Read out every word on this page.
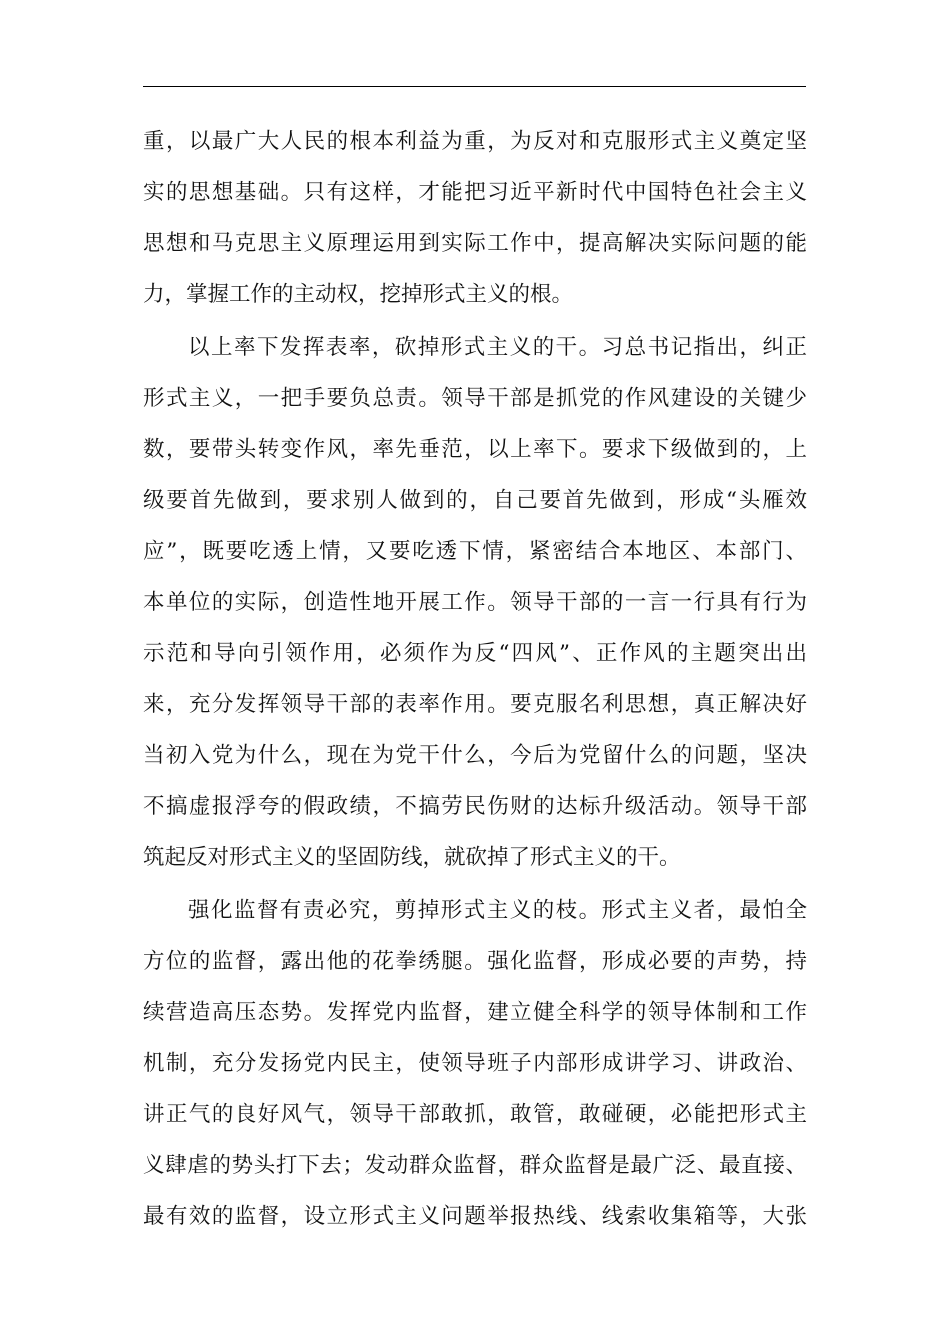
重，以最广大人民的根本利益为重，为反对和克服形式主义奠定坚
实的思想基础。只有这样，才能把习近平新时代中国特色社会主义
思想和马克思主义原理运用到实际工作中，提高解决实际问题的能
力，掌握工作的主动权，挖掉形式主义的根。
以上率下发挥表率，砍掉形式主义的干。习总书记指出，纠正
形式主义，一把手要负总责。领导干部是抓党的作风建设的关键少
数，要带头转变作风，率先垂范，以上率下。要求下级做到的，上
级要首先做到，要求别人做到的，自己要首先做到，形成“头雁效
应”，既要吃透上情，又要吃透下情，紧密结合本地区、本部门、
本单位的实际，创造性地开展工作。领导干部的一言一行具有行为
示范和导向引领作用，必须作为反“四风”、正作风的主题突出出
来，充分发挥领导干部的表率作用。要克服名利思想，真正解决好
当初入党为什么，现在为党干什么，今后为党留什么的问题，坚决
不搞虚报浮夸的假政绩，不搞劳民伤财的达标升级活动。领导干部
筑起反对形式主义的坚固防线，就砍掉了形式主义的干。
强化监督有责必究，剪掉形式主义的枝。形式主义者，最怕全
方位的监督，露出他的花拳绣腿。强化监督，形成必要的声势，持
续营造高压态势。发挥党内监督，建立健全科学的领导体制和工作
机制，充分发扬党内民主，使领导班子内部形成讲学习、讲政治、
讲正气的良好风气，领导干部敢抓，敢管，敢碰硬，必能把形式主
义肆虐的势头打下去；发动群众监督，群众监督是最广泛、最直接、
最有效的监督，设立形式主义问题举报热线、线索收集箱等，大张
